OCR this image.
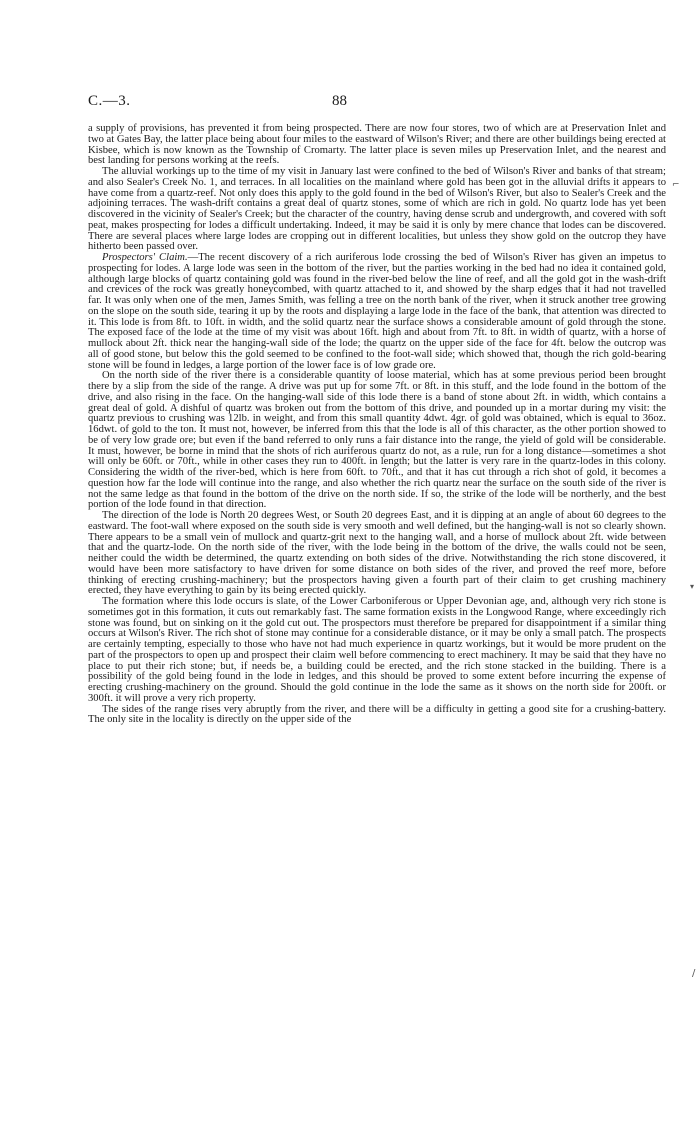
C.—3.	88

a supply of provisions, has prevented it from being prospected. There are now four stores, two of which are at Preservation Inlet and two at Gates Bay, the latter place being about four miles to the eastward of Wilson's River; and there are other buildings being erected at Kisbee, which is now known as the Township of Cromarty. The latter place is seven miles up Preservation Inlet, and the nearest and best landing for persons working at the reefs.

The alluvial workings up to the time of my visit in January last were confined to the bed of Wilson's River and banks of that stream; and also Sealer's Creek No. 1, and terraces. In all localities on the mainland where gold has been got in the alluvial drifts it appears to have come from a quartz-reef. Not only does this apply to the gold found in the bed of Wilson's River, but also to Sealer's Creek and the adjoining terraces. The wash-drift contains a great deal of quartz stones, some of which are rich in gold. No quartz lode has yet been discovered in the vicinity of Sealer's Creek; but the character of the country, having dense scrub and undergrowth, and covered with soft peat, makes prospecting for lodes a difficult undertaking. Indeed, it may be said it is only by mere chance that lodes can be discovered. There are several places where large lodes are cropping out in different localities, but unless they show gold on the outcrop they have hitherto been passed over.

Prospectors' Claim.—The recent discovery of a rich auriferous lode crossing the bed of Wilson's River has given an impetus to prospecting for lodes. A large lode was seen in the bottom of the river, but the parties working in the bed had no idea it contained gold, although large blocks of quartz containing gold was found in the river-bed below the line of reef, and all the gold got in the wash-drift and crevices of the rock was greatly honeycombed, with quartz attached to it, and showed by the sharp edges that it had not travelled far. It was only when one of the men, James Smith, was felling a tree on the north bank of the river, when it struck another tree growing on the slope on the south side, tearing it up by the roots and displaying a large lode in the face of the bank, that attention was directed to it. This lode is from 8ft. to 10ft. in width, and the solid quartz near the surface shows a considerable amount of gold through the stone. The exposed face of the lode at the time of my visit was about 16ft. high and about from 7ft. to 8ft. in width of quartz, with a horse of mullock about 2ft. thick near the hanging-wall side of the lode; the quartz on the upper side of the face for 4ft. below the outcrop was all of good stone, but below this the gold seemed to be confined to the foot-wall side; which showed that, though the rich gold-bearing stone will be found in ledges, a large portion of the lower face is of low grade ore.

On the north side of the river there is a considerable quantity of loose material, which has at some previous period been brought there by a slip from the side of the range. A drive was put up for some 7ft. or 8ft. in this stuff, and the lode found in the bottom of the drive, and also rising in the face. On the hanging-wall side of this lode there is a band of stone about 2ft. in width, which contains a great deal of gold. A dishful of quartz was broken out from the bottom of this drive, and pounded up in a mortar during my visit: the quartz previous to crushing was 12lb. in weight, and from this small quantity 4dwt. 4gr. of gold was obtained, which is equal to 36oz. 16dwt. of gold to the ton. It must not, however, be inferred from this that the lode is all of this character, as the other portion showed to be of very low grade ore; but even if the band referred to only runs a fair distance into the range, the yield of gold will be considerable. It must, however, be borne in mind that the shots of rich auriferous quartz do not, as a rule, run for a long distance—sometimes a shot will only be 60ft. or 70ft., while in other cases they run to 400ft. in length; but the latter is very rare in the quartz-lodes in this colony. Considering the width of the river-bed, which is here from 60ft. to 70ft., and that it has cut through a rich shot of gold, it becomes a question how far the lode will continue into the range, and also whether the rich quartz near the surface on the south side of the river is not the same ledge as that found in the bottom of the drive on the north side. If so, the strike of the lode will be northerly, and the best portion of the lode found in that direction.

The direction of the lode is North 20 degrees West, or South 20 degrees East, and it is dipping at an angle of about 60 degrees to the eastward. The foot-wall where exposed on the south side is very smooth and well defined, but the hanging-wall is not so clearly shown. There appears to be a small vein of mullock and quartz-grit next to the hanging wall, and a horse of mullock about 2ft. wide between that and the quartz-lode. On the north side of the river, with the lode being in the bottom of the drive, the walls could not be seen, neither could the width be determined, the quartz extending on both sides of the drive. Notwithstanding the rich stone discovered, it would have been more satisfactory to have driven for some distance on both sides of the river, and proved the reef more, before thinking of erecting crushing-machinery; but the prospectors having given a fourth part of their claim to get crushing machinery erected, they have everything to gain by its being erected quickly.

The formation where this lode occurs is slate, of the Lower Carboniferous or Upper Devonian age, and, although very rich stone is sometimes got in this formation, it cuts out remarkably fast. The same formation exists in the Longwood Range, where exceedingly rich stone was found, but on sinking on it the gold cut out. The prospectors must therefore be prepared for disappointment if a similar thing occurs at Wilson's River. The rich shot of stone may continue for a considerable distance, or it may be only a small patch. The prospects are certainly tempting, especially to those who have not had much experience in quartz workings, but it would be more prudent on the part of the prospectors to open up and prospect their claim well before commencing to erect machinery. It may be said that they have no place to put their rich stone; but, if needs be, a building could be erected, and the rich stone stacked in the building. There is a possibility of the gold being found in the lode in ledges, and this should be proved to some extent before incurring the expense of erecting crushing-machinery on the ground. Should the gold continue in the lode the same as it shows on the north side for 200ft. or 300ft. it will prove a very rich property.

The sides of the range rises very abruptly from the river, and there will be a difficulty in getting a good site for a crushing-battery. The only site in the locality is directly on the upper side of the

⌐
▾
/
